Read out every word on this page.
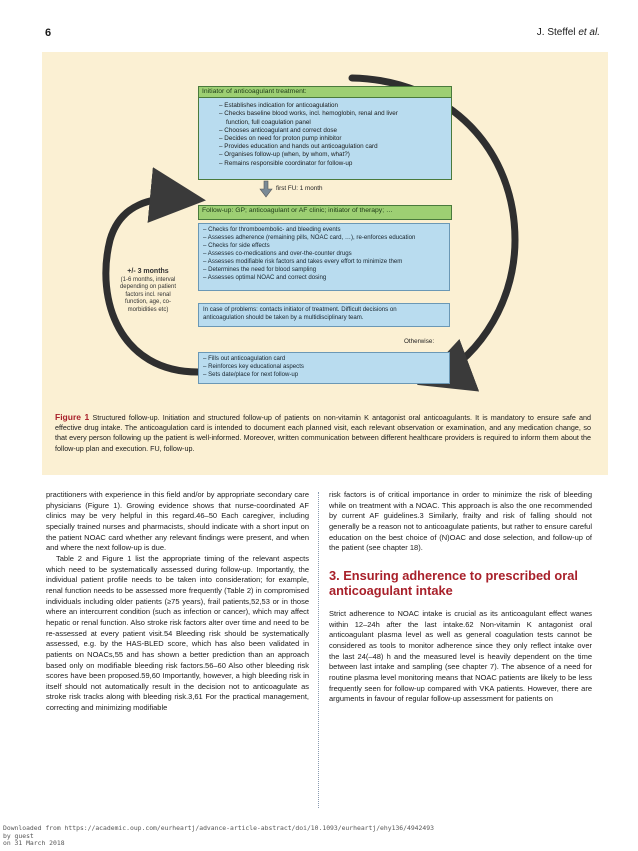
6	J. Steffel et al.
Initiator of anticoagulant treatment:
– Establishes indication for anticoagulation
– Checks baseline blood works, incl. hemoglobin, renal and liver
function, full coagulation panel
– Chooses anticoagulant and correct dose
– Decides on need for proton pump inhibitor
– Provides education and hands out anticoagulation card
– Organises follow-up (when, by whom, what?)
– Remains responsible coordinator for follow-up
first FU: 1 month
Follow-up: GP; anticoagulant or AF clinic; initiator of therapy; …
– Checks for thromboembolic- and bleeding events
– Assesses adherence (remaining pills, NOAC card, …), re-enforces education
– Checks for side effects
– Assesses co-medications and over-the-counter drugs
– Assesses modifiable risk factors and takes every effort to minimize them
– Determines the need for blood sampling
– Assesses optimal NOAC and correct dosing
In case of problems: contacts initiator of treatment. Difficult decisions on
anticoagulation should be taken by a multidisciplinary team.
Otherwise:
– Fills out anticoagulation card
– Reinforces key educational aspects
– Sets date/place for next follow-up
+/- 3 months
(1-6 months, interval
depending on patient
factors incl. renal
function, age, co-
morbidities etc)
Figure 1 Structured follow-up. Initiation and structured follow-up of patients on non-vitamin K antagonist oral anticoagulants. It is mandatory to ensure safe and effective drug intake. The anticoagulation card is intended to document each planned visit, each relevant observation or examination, and any medication change, so that every person following up the patient is well-informed. Moreover, written communication between different healthcare providers is required to inform them about the follow-up plan and execution. FU, follow-up.

practitioners with experience in this field and/or by appropriate secondary care physicians (Figure 1). Growing evidence shows that nurse-coordinated AF clinics may be very helpful in this regard.46–50 Each caregiver, including specially trained nurses and pharmacists, should indicate with a short input on the patient NOAC card whether any relevant findings were present, and when and where the next follow-up is due.

Table 2 and Figure 1 list the appropriate timing of the relevant aspects which need to be systematically assessed during follow-up. Importantly, the individual patient profile needs to be taken into consideration; for example, renal function needs to be assessed more frequently (Table 2) in compromised individuals including older patients (≥75 years), frail patients,52,53 or in those where an intercurrent condition (such as infection or cancer), which may affect hepatic or renal function. Also stroke risk factors alter over time and need to be re-assessed at every patient visit.54 Bleeding risk should be systematically assessed, e.g. by the HAS-BLED score, which has also been validated in patients on NOACs,55 and has shown a better prediction than an approach based only on modifiable bleeding risk factors.56–60 Also other bleeding risk scores have been proposed.59,60 Importantly, however, a high bleeding risk in itself should not automatically result in the decision not to anticoagulate as stroke risk tracks along with bleeding risk.3,61 For the practical management, correcting and minimizing modifiable

risk factors is of critical importance in order to minimize the risk of bleeding while on treatment with a NOAC. This approach is also the one recommended by current AF guidelines.3 Similarly, frailty and risk of falling should not generally be a reason not to anticoagulate patients, but rather to ensure careful education on the best choice of (N)OAC and dose selection, and follow-up of the patient (see chapter 18).

3. Ensuring adherence to prescribed oral anticoagulant intake

Strict adherence to NOAC intake is crucial as its anticoagulant effect wanes within 12–24h after the last intake.62 Non-vitamin K antagonist oral anticoagulant plasma level as well as general coagulation tests cannot be considered as tools to monitor adherence since they only reflect intake over the last 24(–48) h and the measured level is heavily dependent on the time between last intake and sampling (see chapter 7). The absence of a need for routine plasma level monitoring means that NOAC patients are likely to be less frequently seen for follow-up compared with VKA patients. However, there are arguments in favour of regular follow-up assessment for patients on

Downloaded from https://academic.oup.com/eurheartj/advance-article-abstract/doi/10.1093/eurheartj/ehy136/4942493
by guest
on 31 March 2018
